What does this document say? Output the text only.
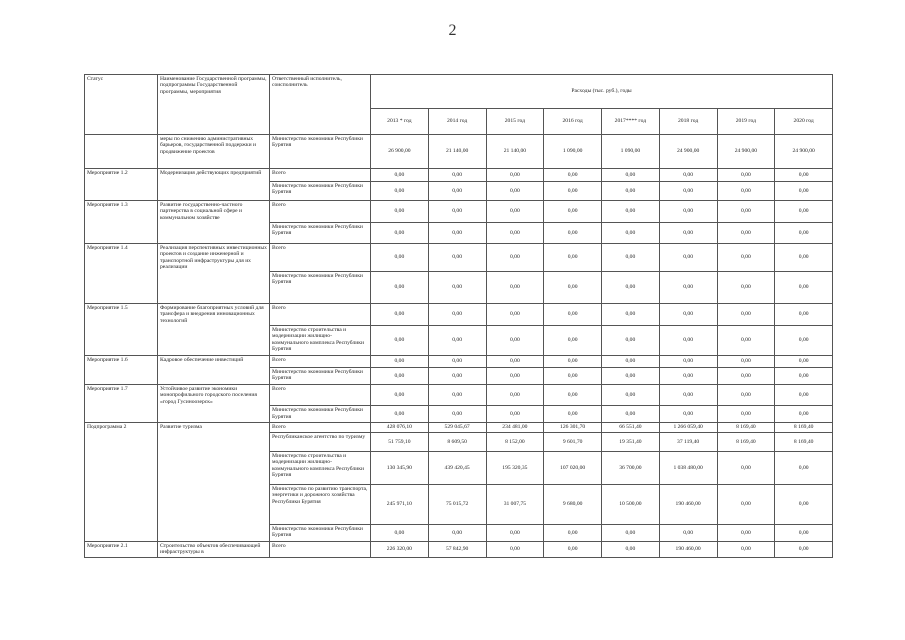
2
Статус	Наименование Государственной программы, подпрограммы Государственной программы, мероприятия	Ответственный исполнитель, соисполнитель	Расходы (тыс. руб.), годы							
			2013 * год	2014 год	2015 год	2016 год	2017**** год	2018 год	2019 год	2020 год
	меры по снижению административных барьеров, государственной поддержки и продвижение проектов	Министерство экономики Республики Бурятия	26 900,00	21 140,00	21 140,00	1 090,00	1 090,00	24 900,00	24 900,00	24 900,00
Мероприятие 1.2	Модернизация действующих предприятий	Всего	0,00	0,00	0,00	0,00	0,00	0,00	0,00	0,00
		Министерство экономики Республики Бурятия	0,00	0,00	0,00	0,00	0,00	0,00	0,00	0,00
Мероприятие 1.3	Развитие государственно-частного партнерства в социальной сфере и коммунальном хозяйстве	Всего	0,00	0,00	0,00	0,00	0,00	0,00	0,00	0,00
		Министерство экономики Республики Бурятия	0,00	0,00	0,00	0,00	0,00	0,00	0,00	0,00
Мероприятие 1.4	Реализация перспективных инвестиционных проектов и создание инженерной и транспортной инфраструктуры для их реализации	Всего	0,00	0,00	0,00	0,00	0,00	0,00	0,00	0,00
		Министерство экономики Республики Бурятия	0,00	0,00	0,00	0,00	0,00	0,00	0,00	0,00
Мероприятие 1.5	Формирование благоприятных условий для трансфера и внедрения инновационных технологий	Всего	0,00	0,00	0,00	0,00	0,00	0,00	0,00	0,00
		Министерство строительства и модернизации жилищно-коммунального комплекса Республики Бурятия	0,00	0,00	0,00	0,00	0,00	0,00	0,00	0,00
Мероприятие 1.6	Кадровое обеспечение инвестиций	Всего	0,00	0,00	0,00	0,00	0,00	0,00	0,00	0,00
		Министерство экономики Республики Бурятия	0,00	0,00	0,00	0,00	0,00	0,00	0,00	0,00
Мероприятие 1.7	Устойчивое развитие экономики монопрофильного городского поселения «город Гусиноозерск»	Всего	0,00	0,00	0,00	0,00	0,00	0,00	0,00	0,00
		Министерство экономики Республики Бурятия	0,00	0,00	0,00	0,00	0,00	0,00	0,00	0,00
Подпрограмма 2	Развитие туризма	Всего	428 076,10	529 045,67	234 481,00	126 301,70	66 551,40	1 266 059,40	8 169,40	8 169,40
		Республиканское агентство по туризму	51 759,10	8 609,50	8 152,00	9 601,70	19 351,40	37 119,40	8 169,40	8 169,40
		Министерство строительства и модернизации жилищно-коммунального комплекса Республики Бурятия	130 345,90	439 420,45	195 320,35	107 020,00	36 700,00	1 038 480,00	0,00	0,00
		Министерство по развитию транспорта, энергетики и дорожного хозяйства Республики Бурятия	245 971,10	75 015,72	31 007,75	9 680,00	10 500,00	190 460,00	0,00	0,00
		Министерство экономики Республики Бурятия	0,00	0,00	0,00	0,00	0,00	0,00	0,00	0,00
Мероприятие 2.1	Строительство объектов обеспечивающей инфраструктуры в	Всего	226 320,00	57 842,90	0,00	0,00	0,00	190 460,00	0,00	0,00
